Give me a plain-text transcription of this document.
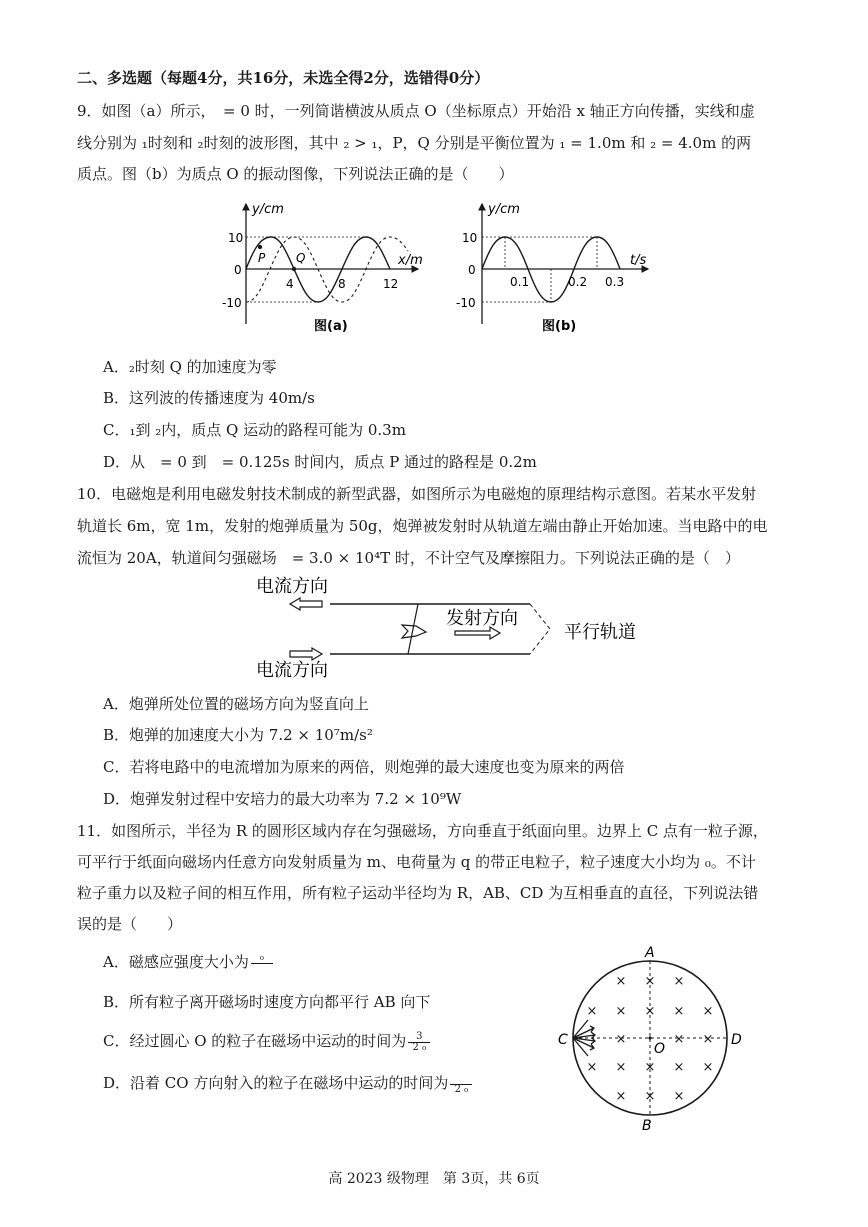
二、多选题（每题4分，共16分，未选全得2分，选错得0分）
9．如图（a）所示，　= 0 时，一列简谐横波从质点 O（坐标原点）开始沿 x 轴正方向传播，实线和虚
线分别为 ₁时刻和 ₂时刻的波形图，其中 ₂ > ₁，P，Q 分别是平衡位置为 ₁ = 1.0m 和 ₂ = 4.0m 的两
质点。图（b）为质点 O 的振动图像，下列说法正确的是（　　）
y/cm
x/m
10
0
-10
4	8	12
P	Q
图(a)
y/cm
t/s
10
0
-10
0.1	0.2 0.3
图(b)
A．₂时刻 Q 的加速度为零
B．这列波的传播速度为 40m/s
C．₁到 ₂内，质点 Q 运动的路程可能为 0.3m
D．从　= 0 到　= 0.125s 时间内，质点 P 通过的路程是 0.2m
10．电磁炮是利用电磁发射技术制成的新型武器，如图所示为电磁炮的原理结构示意图。若某水平发射
轨道长 6m，宽 1m，发射的炮弹质量为 50g，炮弹被发射时从轨道左端由静止开始加速。当电路中的电
流恒为 20A，轨道间匀强磁场　= 3.0 × 10⁴T 时，不计空气及摩擦阻力。下列说法正确的是（　）
电流方向
电流方向
发射方向
平行轨道
A．炮弹所处位置的磁场方向为竖直向上
B．炮弹的加速度大小为 7.2 × 10⁷m/s²
C．若将电路中的电流增加为原来的两倍，则炮弹的最大速度也变为原来的两倍
D．炮弹发射过程中安培力的最大功率为 7.2 × 10⁹W
11．如图所示，半径为 R 的圆形区域内存在匀强磁场，方向垂直于纸面向里。边界上 C 点有一粒子源，
可平行于纸面向磁场内任意方向发射质量为 m、电荷量为 q 的带正电粒子，粒子速度大小均为 ₀。不计
粒子重力以及粒子间的相互作用，所有粒子运动半径均为 R，AB、CD 为互相垂直的直径，下列说法错
误的是（　　）
A．磁感应强度大小为	₀
B．所有粒子离开磁场时速度方向都平行 AB 向下
C．经过圆心 O 的粒子在磁场中运动的时间为 $\frac{3}{\text{2 ₀}}$
D．沿着 CO 方向射入的粒子在磁场中运动的时间为 2 ₀
× × ×
× × × × ×
×	× ×
× × × × ×
× × ×
A
B
C	D
O
高 2023 级物理　第 3页，共 6页
